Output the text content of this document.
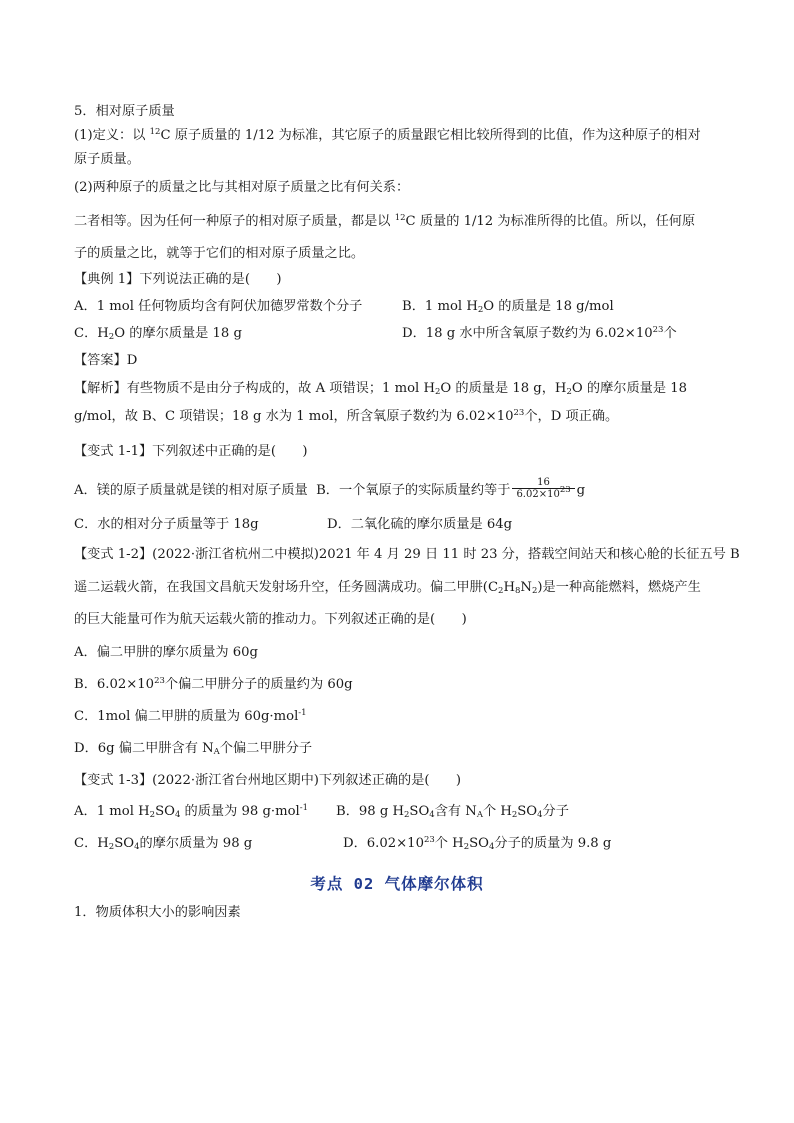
5．相对原子质量
(1)定义：以 $^{12}$C 原子质量的 1/12 为标准，其它原子的质量跟它相比较所得到的比值，作为这种原子的相对
原子质量。
(2)两种原子的质量之比与其相对原子质量之比有何关系：
二者相等。因为任何一种原子的相对原子质量，都是以 $^{12}$C 质量的 1/12 为标准所得的比值。所以，任何原
子的质量之比，就等于它们的相对原子质量之比。
【典例 1】下列说法正确的是(　　)
A．1 mol 任何物质均含有阿伏加德罗常数个分子	B．1 mol $H_2O$ 的质量是 18 g/mol
C．$H_2O$ 的摩尔质量是 18 g	D．18 g 水中所含氧原子数约为 $6.02\times 10^{23}$个
【答案】D
【解析】有些物质不是由分子构成的，故 A 项错误；1 mol $H_2O$ 的质量是 18 g，$H_2O$ 的摩尔质量是 18
g/mol，故 B、C 项错误；18 g 水为 1 mol，所含氧原子数约为 $6.02\times 10^{23}$个，D 项正确。
【变式 1-1】下列叙述中正确的是(　　)
A．镁的原子质量就是镁的相对原子质量 B．一个氧原子的实际质量约等于 $\frac{16}{6.02\times 10^{23}}$ g
C．水的相对分子质量等于 18g	D．二氧化硫的摩尔质量是 64g
【变式 1-2】(2022·浙江省杭州二中模拟)2021 年 4 月 29 日 11 时 23 分，搭载空间站天和核心舱的长征五号 B
遥二运载火箭，在我国文昌航天发射场升空，任务圆满成功。偏二甲肼$(C_2H_8N_2)$是一种高能燃料，燃烧产生
的巨大能量可作为航天运载火箭的推动力。下列叙述正确的是(　　)
A．偏二甲肼的摩尔质量为 60g
B．$6.02\times 10^{23}$个偏二甲肼分子的质量约为 60g
C．1mol 偏二甲肼的质量为 60g·mol$^{-1}$
D．6g 偏二甲肼含有 $N_A$个偏二甲肼分子
【变式 1-3】(2022·浙江省台州地区期中)下列叙述正确的是(　　)
A．1 mol $H_2SO_4$ 的质量为 98 g·mol$^{-1}$ B．98 g $H_2SO_4$含有 $N_A$个 $H_2SO_4$分子
C．$H_2SO_4$的摩尔质量为 98 g	D．$6.02\times 10^{23}$个 $H_2SO_4$分子的质量为 9.8 g
考点 02 气体摩尔体积
1．物质体积大小的影响因素
